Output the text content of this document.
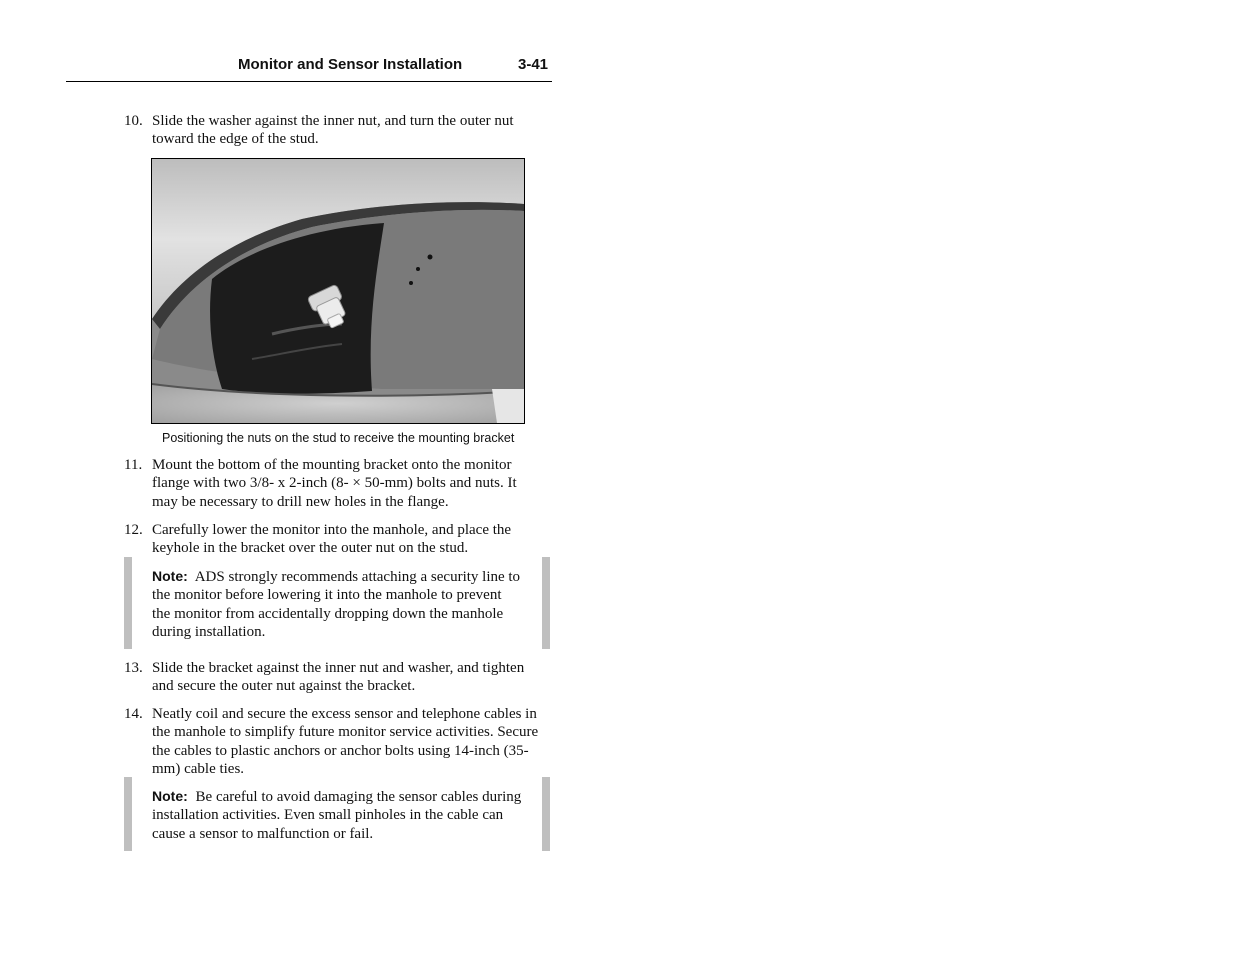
Monitor and Sensor Installation	3-41
10. Slide the washer against the inner nut, and turn the outer nut toward the edge of the stud.
Positioning the nuts on the stud to receive the mounting bracket
11. Mount the bottom of the mounting bracket onto the monitor flange with two 3/8- x 2-inch (8- × 50-mm) bolts and nuts. It may be necessary to drill new holes in the flange.
12. Carefully lower the monitor into the manhole, and place the keyhole in the bracket over the outer nut on the stud.
Note: ADS strongly recommends attaching a security line to the monitor before lowering it into the manhole to prevent the monitor from accidentally dropping down the manhole during installation.
13. Slide the bracket against the inner nut and washer, and tighten and secure the outer nut against the bracket.
14. Neatly coil and secure the excess sensor and telephone cables in the manhole to simplify future monitor service activities. Secure the cables to plastic anchors or anchor bolts using 14-inch (35-mm) cable ties.
Note: Be careful to avoid damaging the sensor cables during installation activities. Even small pinholes in the cable can cause a sensor to malfunction or fail.
